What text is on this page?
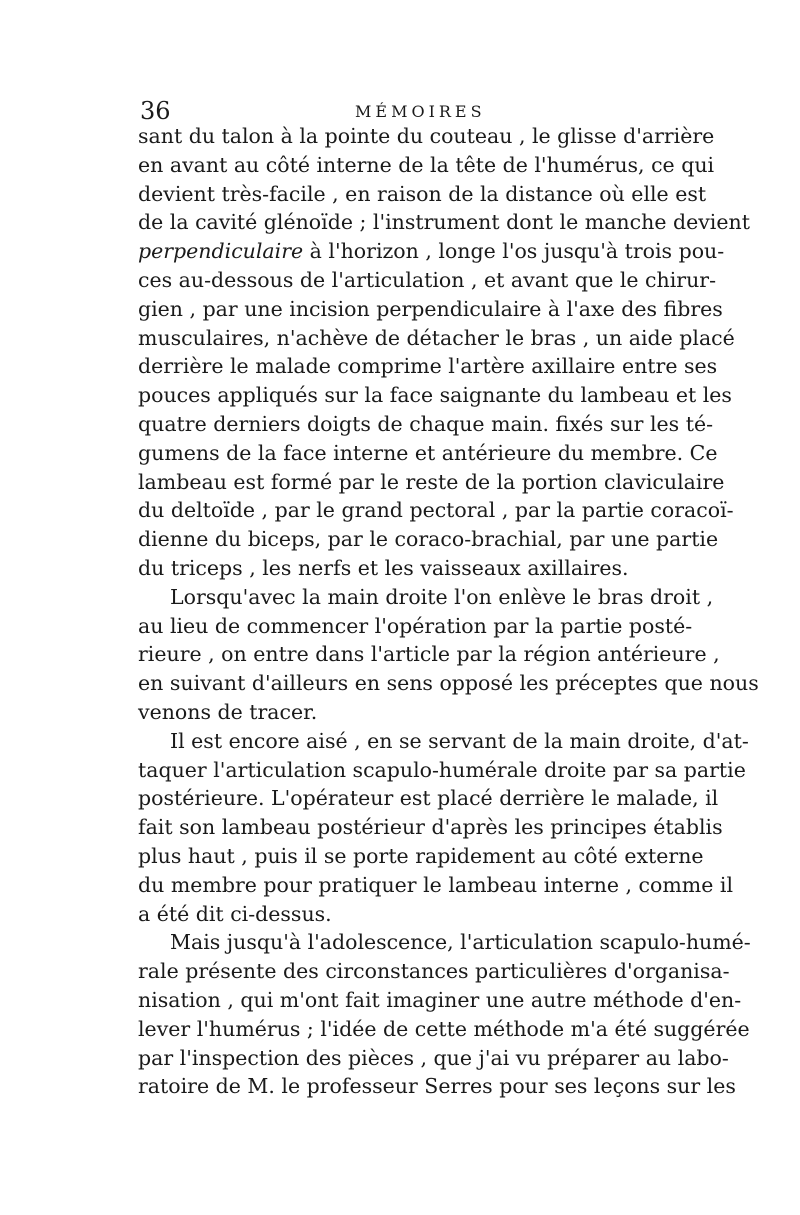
36	MÉMOIRES
sant du talon à la pointe du couteau , le glisse d'arrière
en avant au côté interne de la tête de l'humérus, ce qui
devient très-facile , en raison de la distance où elle est
de la cavité glénoïde ; l'instrument dont le manche devient
perpendiculaire à l'horizon , longe l'os jusqu'à trois pou-
ces au-dessous de l'articulation , et avant que le chirur-
gien , par une incision perpendiculaire à l'axe des fibres
musculaires, n'achève de détacher le bras , un aide placé
derrière le malade comprime l'artère axillaire entre ses
pouces appliqués sur la face saignante du lambeau et les
quatre derniers doigts de chaque main. fixés sur les té-
gumens de la face interne et antérieure du membre. Ce
lambeau est formé par le reste de la portion claviculaire
du deltoïde , par le grand pectoral , par la partie coracoï-
dienne du biceps, par le coraco-brachial, par une partie
du triceps , les nerfs et les vaisseaux axillaires.
Lorsqu'avec la main droite l'on enlève le bras droit ,
au lieu de commencer l'opération par la partie posté-
rieure , on entre dans l'article par la région antérieure ,
en suivant d'ailleurs en sens opposé les préceptes que nous
venons de tracer.
Il est encore aisé , en se servant de la main droite, d'at-
taquer l'articulation scapulo-humérale droite par sa partie
postérieure. L'opérateur est placé derrière le malade, il
fait son lambeau postérieur d'après les principes établis
plus haut , puis il se porte rapidement au côté externe
du membre pour pratiquer le lambeau interne , comme il
a été dit ci-dessus.
Mais jusqu'à l'adolescence, l'articulation scapulo-humé-
rale présente des circonstances particulières d'organisa-
nisation , qui m'ont fait imaginer une autre méthode d'en-
lever l'humérus ; l'idée de cette méthode m'a été suggérée
par l'inspection des pièces , que j'ai vu préparer au labo-
ratoire de M. le professeur Serres pour ses leçons sur les
